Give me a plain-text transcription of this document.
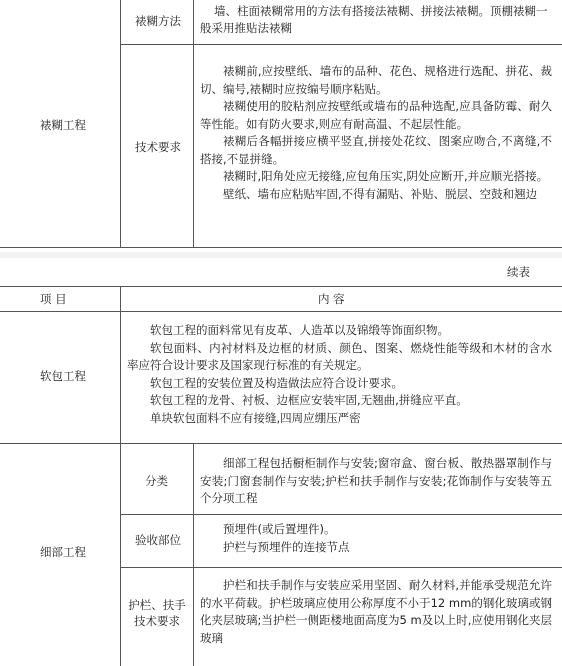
裱糊工程
裱糊方法
墙、柱面裱糊常用的方法有搭接法裱糊、拼接法裱糊。顶棚裱糊一
般采用推贴法裱糊
技术要求
裱糊前,应按壁纸、墙布的品种、花色、规格进行选配、拼花、裁切、编号,裱糊时应按编号顺序粘贴。
裱糊使用的胶粘剂应按壁纸或墙布的品种选配,应具备防霉、耐久等性能。如有防火要求,则应有耐高温、不起层性能。
裱糊后各幅拼接应横平竖直,拼接处花纹、图案应吻合,不离缝,不搭接,不显拼缝。
裱糊时,阳角处应无接缝,应包角压实,阴处应断开,并应顺光搭接。
壁纸、墙布应粘贴牢固,不得有漏贴、补贴、脱层、空鼓和翘边
续表
项 目	内 容
软包工程
软包工程的面料常见有皮革、人造革以及锦缎等饰面织物。
软包面料、内衬材料及边框的材质、颜色、图案、燃烧性能等级和木材的含水率应符合设计要求及国家现行标准的有关规定。
软包工程的安装位置及构造做法应符合设计要求。
软包工程的龙骨、衬板、边框应安装牢固,无翘曲,拼缝应平直。
单块软包面料不应有接缝,四周应绷压严密
细部工程
分类
细部工程包括橱柜制作与安装;窗帘盒、窗台板、散热器罩制作与安装;门窗套制作与安装;护栏和扶手制作与安装;花饰制作与安装等五个分项工程
验收部位
预埋件(或后置埋件)。
护栏与预埋件的连接节点
护栏、扶手
技术要求
护栏和扶手制作与安装应采用坚固、耐久材料,并能承受规范允许的水平荷载。护栏玻璃应使用公称厚度不小于12 mm的钢化玻璃或钢化夹层玻璃;当护栏一侧距楼地面高度为5 m及以上时,应使用钢化夹层玻璃
